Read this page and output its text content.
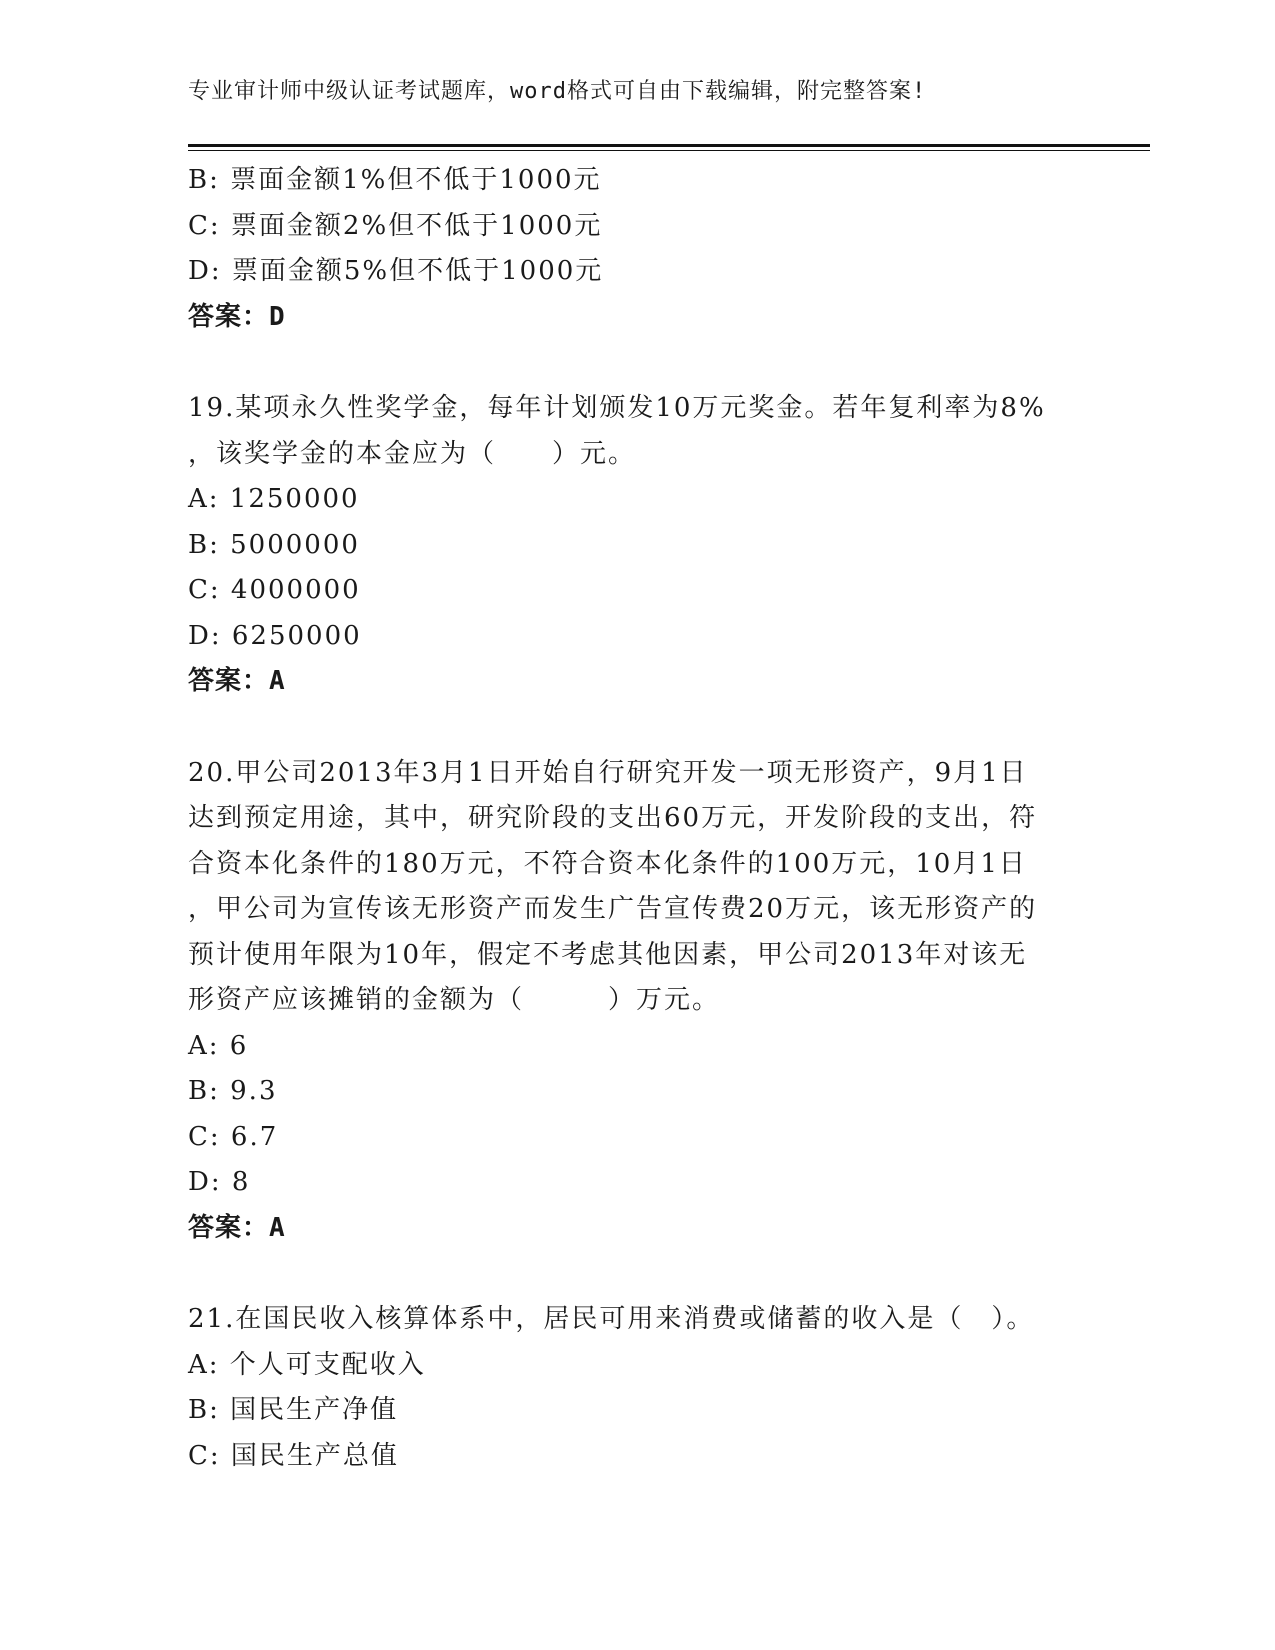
专业审计师中级认证考试题库，word格式可自由下载编辑，附完整答案!
B: 票面金额1%但不低于1000元
C: 票面金额2%但不低于1000元
D: 票面金额5%但不低于1000元
答案：D
19.某项永久性奖学金，每年计划颁发10万元奖金。若年复利率为8%
，该奖学金的本金应为（　　）元。
A: 1250000
B: 5000000
C: 4000000
D: 6250000
答案：A
20.甲公司2013年3月1日开始自行研究开发一项无形资产，9月1日
达到预定用途，其中，研究阶段的支出60万元，开发阶段的支出，符
合资本化条件的180万元，不符合资本化条件的100万元，10月1日
，甲公司为宣传该无形资产而发生广告宣传费20万元，该无形资产的
预计使用年限为10年，假定不考虑其他因素，甲公司2013年对该无
形资产应该摊销的金额为（　　　）万元。
A: 6
B: 9.3
C: 6.7
D: 8
答案：A
21.在国民收入核算体系中，居民可用来消费或储蓄的收入是（　）。
A: 个人可支配收入
B: 国民生产净值
C: 国民生产总值
